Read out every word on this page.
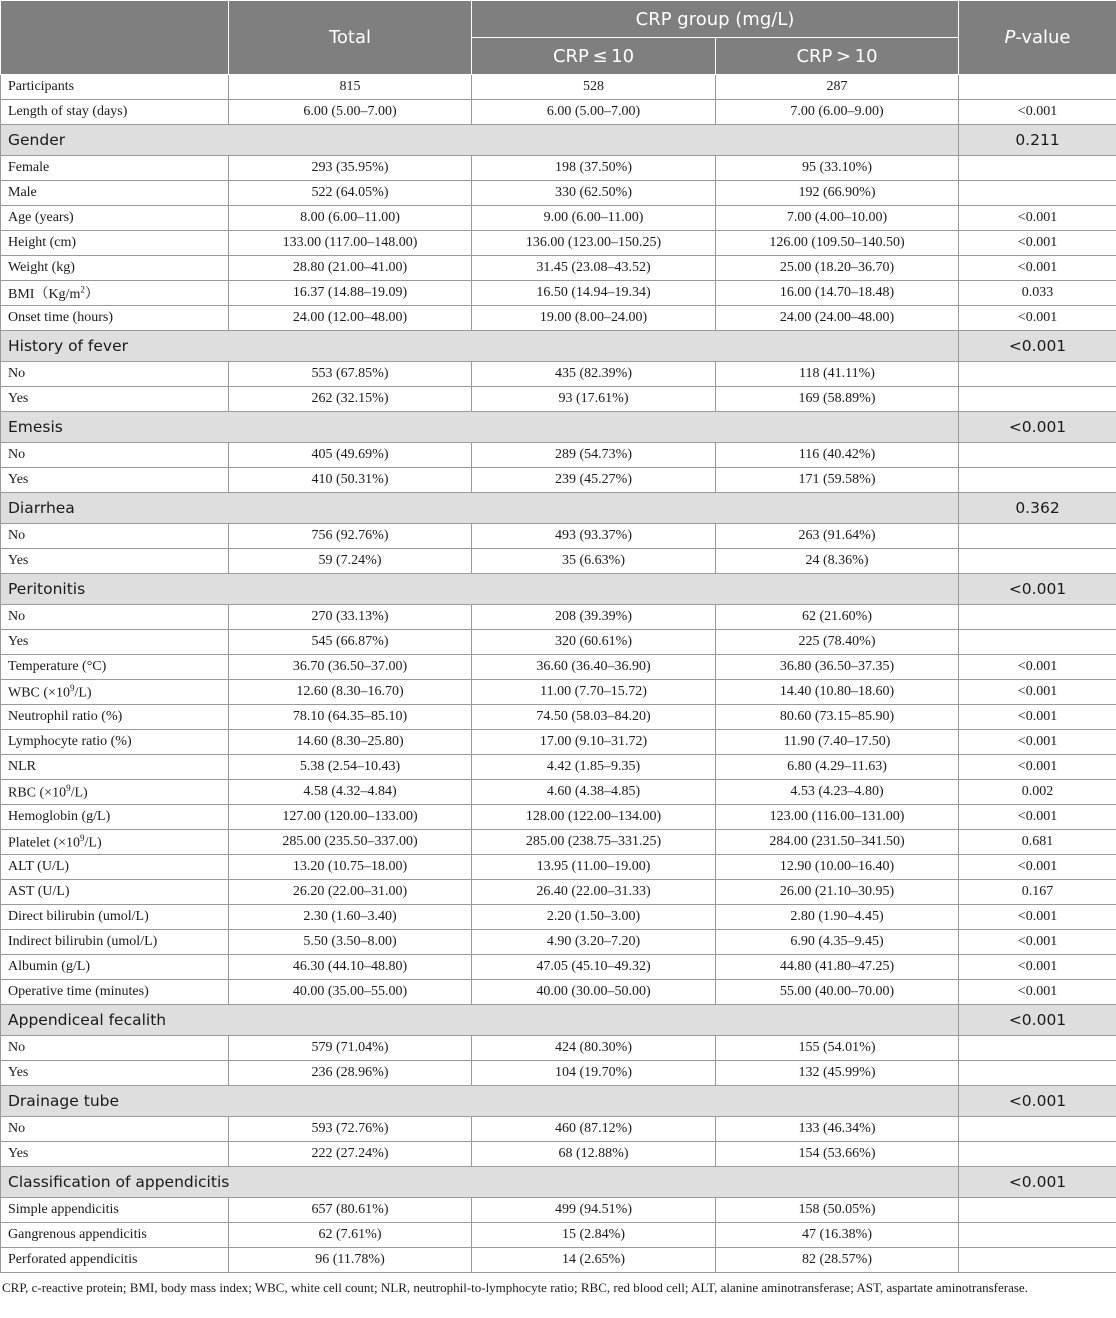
	Total	CRP group (mg/L)		P-value
		CRP ≤ 10	CRP > 10	
Participants	815	528	287	
Length of stay (days)	6.00 (5.00–7.00)	6.00 (5.00–7.00)	7.00 (6.00–9.00)	<0.001
Gender				0.211
Female	293 (35.95%)	198 (37.50%)	95 (33.10%)	
Male	522 (64.05%)	330 (62.50%)	192 (66.90%)	
Age (years)	8.00 (6.00–11.00)	9.00 (6.00–11.00)	7.00 (4.00–10.00)	<0.001
Height (cm)	133.00 (117.00–148.00)	136.00 (123.00–150.25)	126.00 (109.50–140.50)	<0.001
Weight (kg)	28.80 (21.00–41.00)	31.45 (23.08–43.52)	25.00 (18.20–36.70)	<0.001
$BMI(Kg/m^2)$	16.37 (14.88–19.09)	16.50 (14.94–19.34)	16.00 (14.70–18.48)	0.033
Onset time (hours)	24.00 (12.00–48.00)	19.00 (8.00–24.00)	24.00 (24.00–48.00)	<0.001
History of fever				<0.001
No	553 (67.85%)	435 (82.39%)	118 (41.11%)	
Yes	262 (32.15%)	93 (17.61%)	169 (58.89%)	
Emesis				<0.001
No	405 (49.69%)	289 (54.73%)	116 (40.42%)	
Yes	410 (50.31%)	239 (45.27%)	171 (59.58%)	
Diarrhea				0.362
No	756 (92.76%)	493 (93.37%)	263 (91.64%)	
Yes	59 (7.24%)	35 (6.63%)	24 (8.36%)	
Peritonitis				<0.001
No	270 (33.13%)	208 (39.39%)	62 (21.60%)	
Yes	545 (66.87%)	320 (60.61%)	225 (78.40%)	
Temperature (°C)	36.70 (36.50–37.00)	36.60 (36.40–36.90)	36.80 (36.50–37.35)	<0.001
WBC $(\times 10^9/L)$	12.60 (8.30–16.70)	11.00 (7.70–15.72)	14.40 (10.80–18.60)	<0.001
Neutrophil ratio (%)	78.10 (64.35–85.10)	74.50 (58.03–84.20)	80.60 (73.15–85.90)	<0.001
Lymphocyte ratio (%)	14.60 (8.30–25.80)	17.00 (9.10–31.72)	11.90 (7.40–17.50)	<0.001
NLR	5.38 (2.54–10.43)	4.42 (1.85–9.35)	6.80 (4.29–11.63)	<0.001
RBC $(\times 10^9/L)$	4.58 (4.32–4.84)	4.60 (4.38–4.85)	4.53 (4.23–4.80)	0.002
Hemoglobin (g/L)	127.00 (120.00–133.00)	128.00 (122.00–134.00)	123.00 (116.00–131.00)	<0.001
Platelet $(\times 10^9/L)$	285.00 (235.50–337.00)	285.00 (238.75–331.25)	284.00 (231.50–341.50)	0.681
ALT (U/L)	13.20 (10.75–18.00)	13.95 (11.00–19.00)	12.90 (10.00–16.40)	<0.001
AST (U/L)	26.20 (22.00–31.00)	26.40 (22.00–31.33)	26.00 (21.10–30.95)	0.167
Direct bilirubin (umol/L)	2.30 (1.60–3.40)	2.20 (1.50–3.00)	2.80 (1.90–4.45)	<0.001
Indirect bilirubin (umol/L)	5.50 (3.50–8.00)	4.90 (3.20–7.20)	6.90 (4.35–9.45)	<0.001
Albumin (g/L)	46.30 (44.10–48.80)	47.05 (45.10–49.32)	44.80 (41.80–47.25)	<0.001
Operative time (minutes)	40.00 (35.00–55.00)	40.00 (30.00–50.00)	55.00 (40.00–70.00)	<0.001
Appendiceal fecalith				<0.001
No	579 (71.04%)	424 (80.30%)	155 (54.01%)	
Yes	236 (28.96%)	104 (19.70%)	132 (45.99%)	
Drainage tube				<0.001
No	593 (72.76%)	460 (87.12%)	133 (46.34%)	
Yes	222 (27.24%)	68 (12.88%)	154 (53.66%)	
Classification of appendicitis				<0.001
Simple appendicitis	657 (80.61%)	499 (94.51%)	158 (50.05%)	
Gangrenous appendicitis	62 (7.61%)	15 (2.84%)	47 (16.38%)	
Perforated appendicitis	96 (11.78%)	14 (2.65%)	82 (28.57%)	
CRP, c-reactive protein; BMI, body mass index; WBC, white cell count; NLR, neutrophil-to-lymphocyte ratio; RBC, red blood cell; ALT, alanine aminotransferase; AST, aspartate aminotransferase.
